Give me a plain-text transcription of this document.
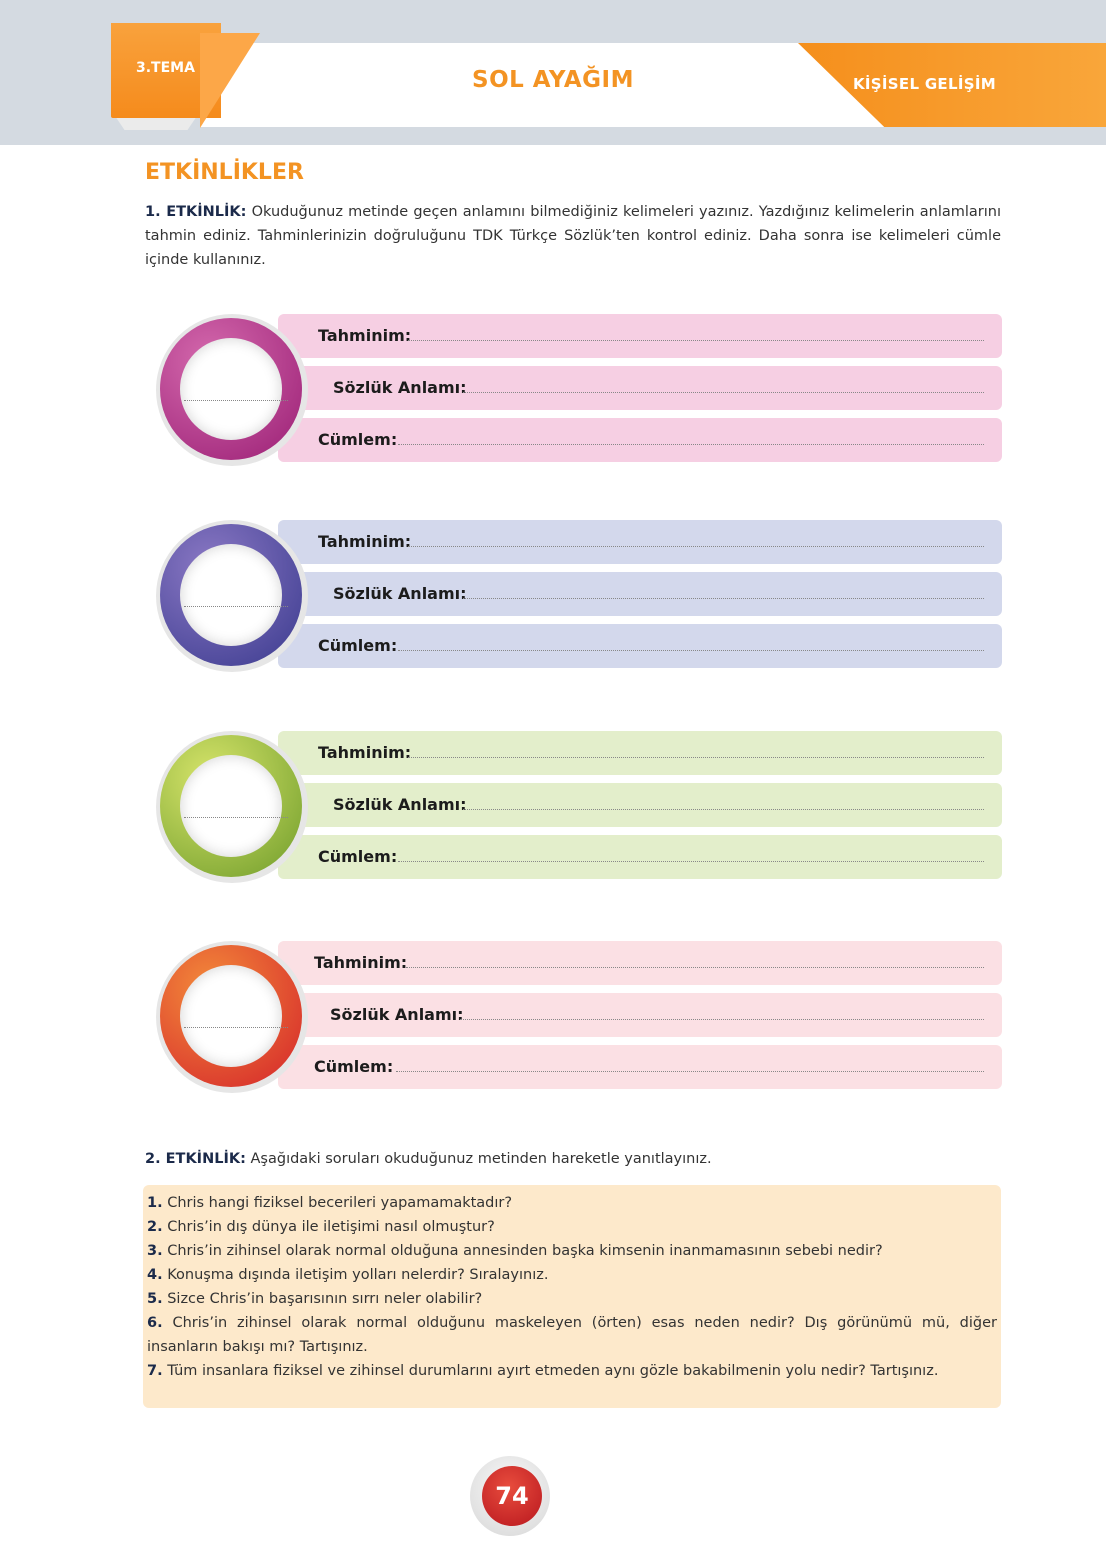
3.TEMA	SOL AYAĞIM	KİŞİSEL GELİŞİM
ETKİNLİKLER
1. ETKİNLİK: Okuduğunuz metinde geçen anlamını bilmediğiniz kelimeleri yazınız. Yazdığınız kelimelerin anlamlarını tahmin ediniz. Tahminlerinizin doğruluğunu TDK Türkçe Sözlük’ten kontrol ediniz. Daha sonra ise kelimeleri cümle içinde kullanınız.
Tahminim:
Sözlük Anlamı:
Cümlem:
Tahminim:
Sözlük Anlamı:
Cümlem:
Tahminim:
Sözlük Anlamı:
Cümlem:
Tahminim:
Sözlük Anlamı:
Cümlem:
2. ETKİNLİK: Aşağıdaki soruları okuduğunuz metinden hareketle yanıtlayınız.
1. Chris hangi fiziksel becerileri yapamamaktadır?
2. Chris’in dış dünya ile iletişimi nasıl olmuştur?
3. Chris’in zihinsel olarak normal olduğuna annesinden başka kimsenin inanmamasının sebebi nedir?
4. Konuşma dışında iletişim yolları nelerdir? Sıralayınız.
5. Sizce Chris’in başarısının sırrı neler olabilir?
6. Chris’in zihinsel olarak normal olduğunu maskeleyen (örten) esas neden nedir? Dış görünümü mü, diğer insanların bakışı mı? Tartışınız.
7. Tüm insanlara fiziksel ve zihinsel durumlarını ayırt etmeden aynı gözle bakabilmenin yolu nedir? Tartışınız.
74
